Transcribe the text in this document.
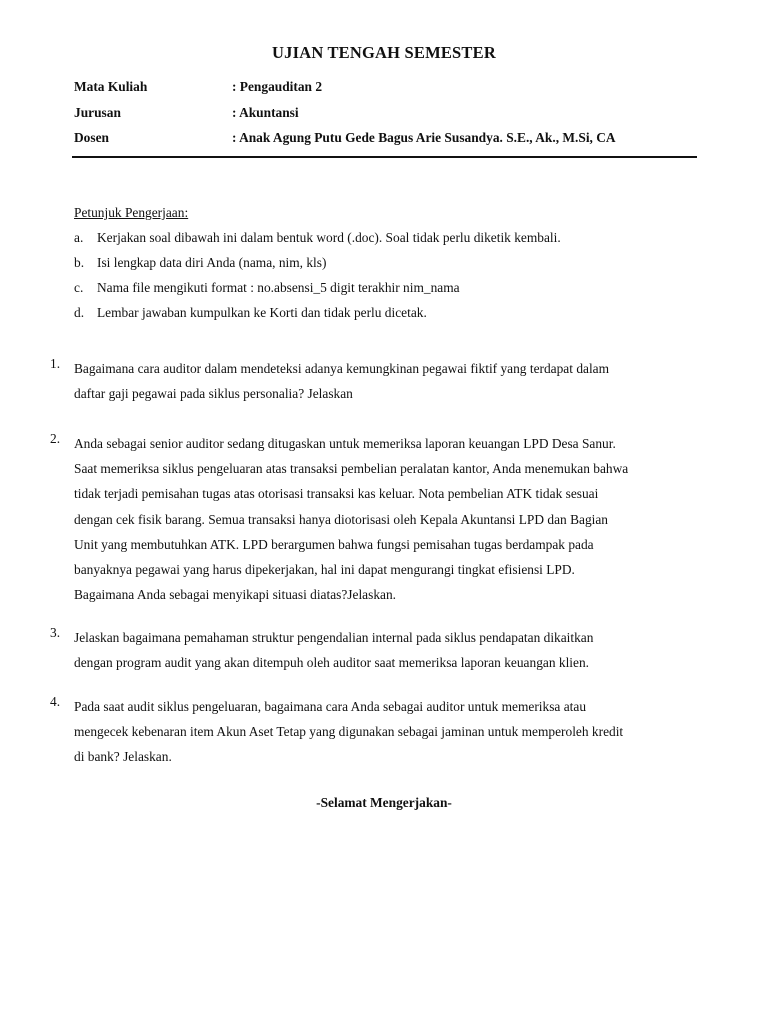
UJIAN TENGAH SEMESTER
Mata Kuliah	: Pengauditan 2
Jurusan	: Akuntansi
Dosen	: Anak Agung Putu Gede Bagus Arie Susandya. S.E., Ak., M.Si, CA
Petunjuk Pengerjaan:
a. Kerjakan soal dibawah ini dalam bentuk word (.doc). Soal tidak perlu diketik kembali.
b. Isi lengkap data diri Anda (nama, nim, kls)
c. Nama file mengikuti format : no.absensi_5 digit terakhir nim_nama
d. Lembar jawaban kumpulkan ke Korti dan tidak perlu dicetak.
1. Bagaimana cara auditor dalam mendeteksi adanya kemungkinan pegawai fiktif yang terdapat dalam
daftar gaji pegawai pada siklus personalia? Jelaskan
2. Anda sebagai senior auditor sedang ditugaskan untuk memeriksa laporan keuangan LPD Desa Sanur.
Saat memeriksa siklus pengeluaran atas transaksi pembelian peralatan kantor, Anda menemukan bahwa
tidak terjadi pemisahan tugas atas otorisasi transaksi kas keluar. Nota pembelian ATK tidak sesuai
dengan cek fisik barang. Semua transaksi hanya diotorisasi oleh Kepala Akuntansi LPD dan Bagian
Unit yang membutuhkan ATK. LPD berargumen bahwa fungsi pemisahan tugas berdampak pada
banyaknya pegawai yang harus dipekerjakan, hal ini dapat mengurangi tingkat efisiensi LPD.
Bagaimana Anda sebagai menyikapi situasi diatas?Jelaskan.
3. Jelaskan bagaimana pemahaman struktur pengendalian internal pada siklus pendapatan dikaitkan
dengan program audit yang akan ditempuh oleh auditor saat memeriksa laporan keuangan klien.
4. Pada saat audit siklus pengeluaran, bagaimana cara Anda sebagai auditor untuk memeriksa atau
mengecek kebenaran item Akun Aset Tetap yang digunakan sebagai jaminan untuk memperoleh kredit
di bank? Jelaskan.
-Selamat Mengerjakan-
